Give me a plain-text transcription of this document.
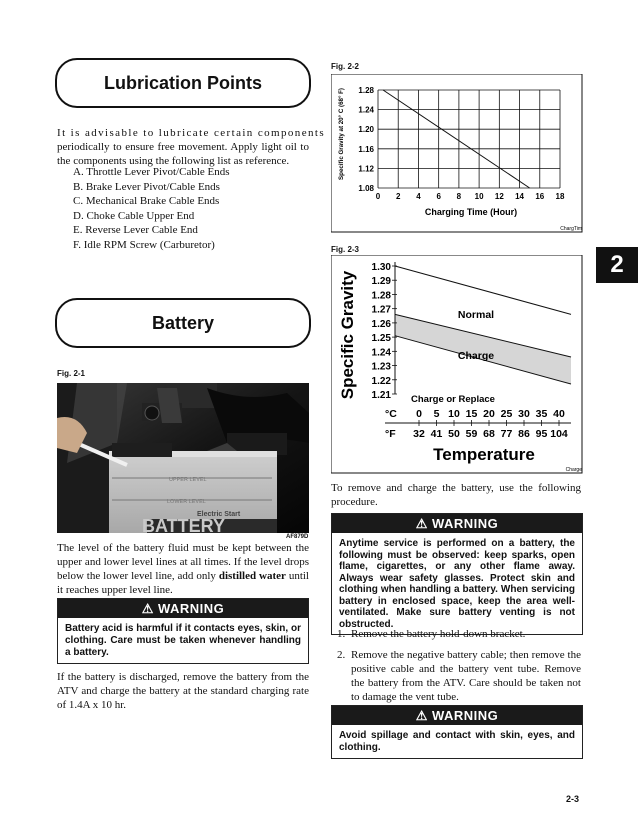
Lubrication Points
It is advisable to lubricate certain components
periodically to ensure free movement. Apply light oil to the components using the following list as reference.
A. Throttle Lever Pivot/Cable Ends
B. Brake Lever Pivot/Cable Ends
C. Mechanical Brake Cable Ends
D. Choke Cable Upper End
E. Reverse Lever Cable End
F. Idle RPM Screw (Carburetor)
Battery
Fig. 2-1
UPPER LEVEL
LOWER LEVEL
Electric Start
BATTERY
AF879D
The level of the battery fluid must be kept between the upper and lower level lines at all times. If the level drops below the lower level line, add only distilled water until it reaches upper level line.
⚠ WARNING
Battery acid is harmful if it contacts eyes, skin, or clothing. Care must be taken whenever handling a battery.
If the battery is discharged, remove the battery from the ATV and charge the battery at the standard charging rate of 1.4A x 10 hr.
Fig. 2-2
0 2 4 6 8 10 12 14 16 18
1.08
1.12
1.16
1.20
1.24
1.28
Specific Gravity at 20° C (68° F)
Charging Time (Hour)
ChargTim
Fig. 2-3
1.30
1.29
1.28
1.27
1.26
1.25
1.24
1.23
1.22
1.21
Normal
Charge
Charge or Replace
°C
°F
0
32
5
41
10
50
15
59
20
68
25
77
30
86
35
95
40
104
Specific Gravity
Temperature
Charge
To remove and charge the battery, use the following procedure.
⚠ WARNING
Anytime service is performed on a battery, the following must be observed: keep sparks, open flame, cigarettes, or any other flame away. Always wear safety glasses. Protect skin and clothing when handling a battery. When servicing battery in enclosed space, keep the area well-ventilated. Make sure battery venting is not obstructed.
1. Remove the battery hold-down bracket.
2. Remove the negative battery cable; then remove the positive cable and the battery vent tube. Remove the battery from the ATV. Care should be taken not to damage the vent tube.
⚠ WARNING
Avoid spillage and contact with skin, eyes, and clothing.
2
2-3
